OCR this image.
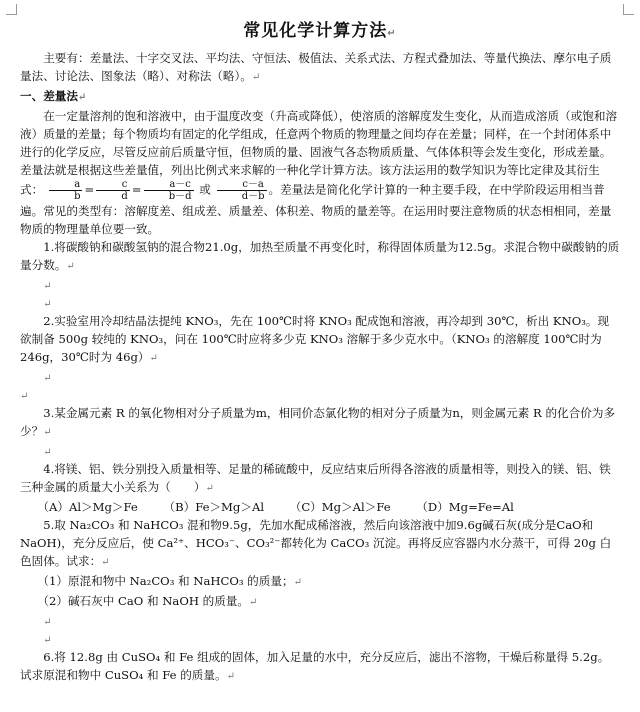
常见化学计算方法↵

主要有：差量法、十字交叉法、平均法、守恒法、极值法、关系式法、方程式叠加法、等量代换法、摩尔电子质量法、讨论法、图象法（略）、对称法（略）。↵

一、差量法↵

在一定量溶剂的饱和溶液中，由于温度改变（升高或降低），使溶质的溶解度发生变化，从而造成溶质（或饱和溶液）质量的差量；每个物质均有固定的化学组成，任意两个物质的物理量之间均存在差量；同样，在一个封闭体系中进行的化学反应，尽管反应前后质量守恒，但物质的量、固液气各态物质质量、气体体积等会发生变化，形成差量。差量法就是根据这些差量值，列出比例式来求解的一种化学计算方法。该方法运用的数学知识为等比定律及其衍生式： $\frac{a}{b} = \frac{c}{d} = \frac{a-c}{b-d}$ 或 $\frac{c-a}{d-b}$ 。差量法是简化化学计算的一种主要手段，在中学阶段运用相当普遍。常见的类型有：溶解度差、组成差、质量差、体积差、物质的量差等。在运用时要注意物质的状态相相同，差量物质的物理量单位要一致。

1.将碳酸钠和碳酸氢钠的混合物21.0g，加热至质量不再变化时，称得固体质量为12.5g。求混合物中碳酸钠的质量分数。↵

↵

↵

2.实验室用冷却结晶法提纯 KNO₃，先在 100℃时将 KNO₃ 配成饱和溶液，再冷却到 30℃，析出 KNO₃。现欲制备 500g 较纯的 KNO₃，问在 100℃时应将多少克 KNO₃ 溶解于多少克水中。（KNO₃ 的溶解度 100℃时为 246g，30℃时为 46g）↵

↵

↵

3.某金属元素 R 的氧化物相对分子质量为m，相同价态氯化物的相对分子质量为n，则金属元素 R 的化合价为多少？↵

↵

4.将镁、铝、铁分别投入质量相等、足量的稀硫酸中，反应结束后所得各溶液的质量相等，则投入的镁、铝、铁三种金属的质量大小关系为（　　）↵

（A）Al＞Mg＞Fe （B）Fe＞Mg＞Al （C）Mg＞Al＞Fe （D）Mg=Fe=Al

5.取 Na₂CO₃ 和 NaHCO₃ 混和物9.5g，先加水配成稀溶液，然后向该溶液中加9.6g碱石灰(成分是CaO和NaOH)，充分反应后，使 Ca²⁺、HCO₃⁻、CO₃²⁻都转化为 CaCO₃ 沉淀。再将反应容器内水分蒸干，可得 20g 白色固体。试求：↵

（1）原混和物中 Na₂CO₃ 和 NaHCO₃ 的质量；↵

（2）碱石灰中 CaO 和 NaOH 的质量。↵

↵

↵

6.将 12.8g 由 CuSO₄ 和 Fe 组成的固体，加入足量的水中，充分反应后，滤出不溶物，干燥后称量得 5.2g。试求原混和物中 CuSO₄ 和 Fe 的质量。↵
